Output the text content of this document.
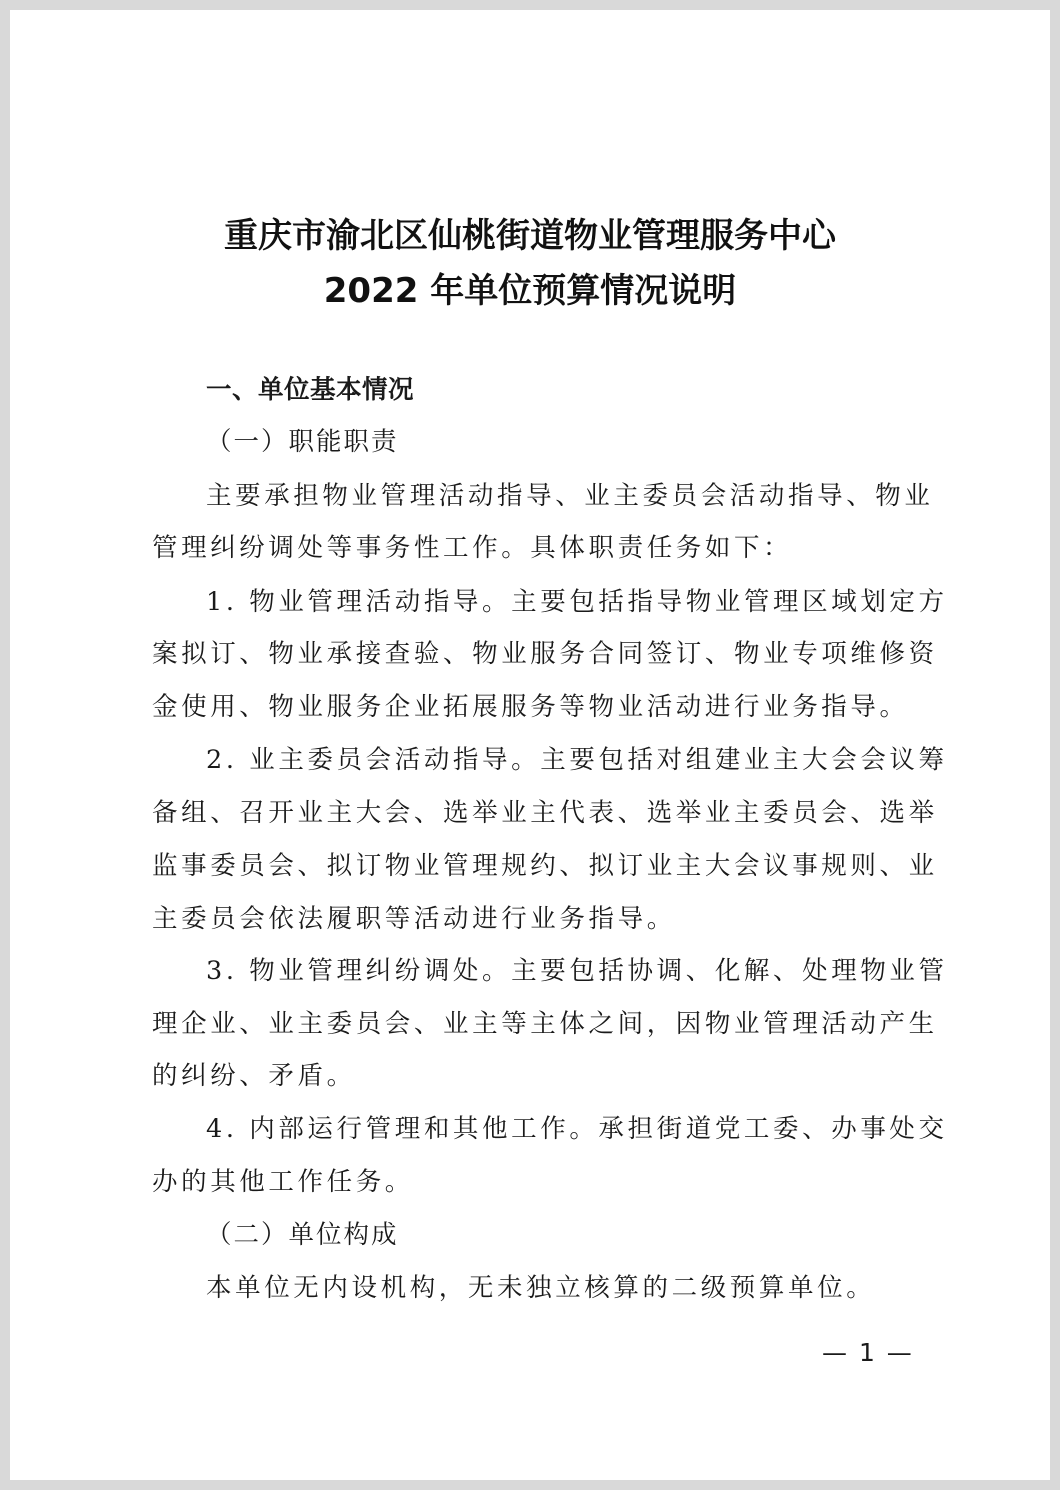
重庆市渝北区仙桃街道物业管理服务中心
2022 年单位预算情况说明
一、单位基本情况
（一）职能职责
主要承担物业管理活动指导、业主委员会活动指导、物业
管理纠纷调处等事务性工作。具体职责任务如下：
1. 物业管理活动指导。主要包括指导物业管理区域划定方
案拟订、物业承接查验、物业服务合同签订、物业专项维修资
金使用、物业服务企业拓展服务等物业活动进行业务指导。
2. 业主委员会活动指导。主要包括对组建业主大会会议筹
备组、召开业主大会、选举业主代表、选举业主委员会、选举
监事委员会、拟订物业管理规约、拟订业主大会议事规则、业
主委员会依法履职等活动进行业务指导。
3. 物业管理纠纷调处。主要包括协调、化解、处理物业管
理企业、业主委员会、业主等主体之间，因物业管理活动产生
的纠纷、矛盾。
4. 内部运行管理和其他工作。承担街道党工委、办事处交
办的其他工作任务。
（二）单位构成
本单位无内设机构，无未独立核算的二级预算单位。
— 1 —
